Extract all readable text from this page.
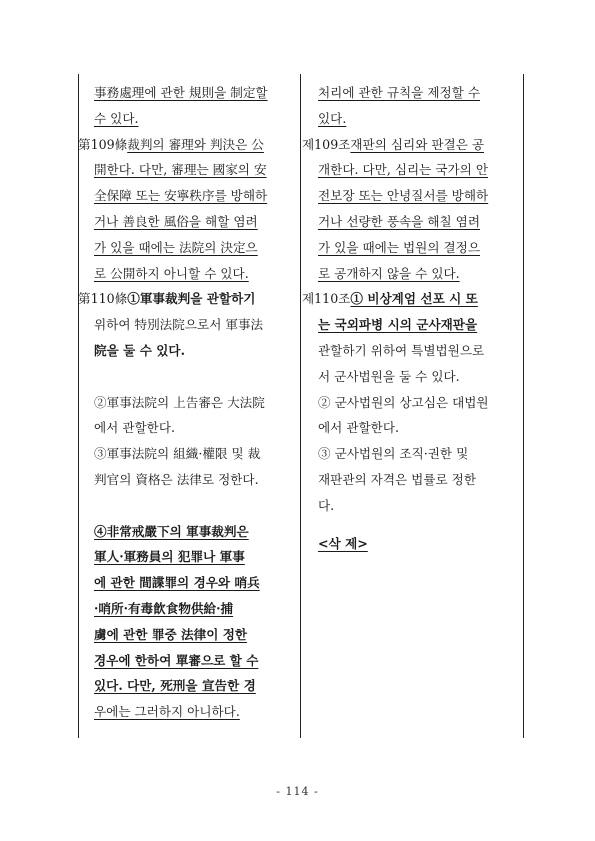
事務處理에 관한 規則을 制定할
수 있다.
第109條 裁判의 審理와 判決은 公
開한다. 다만, 審理는 國家의 安
全保障 또는 安寧秩序를 방해하
거나 善良한 風俗을 해할 염려
가 있을 때에는 法院의 決定으
로 公開하지 아니할 수 있다.
第110條 ①軍事裁判을 관할하기
위하여 特別法院으로서 軍事法
院을 둘 수 있다.
②軍事法院의 上告審은 大法院
에서 관할한다.
③軍事法院의 組織·權限 및 裁
判官의 資格은 法律로 정한다.
④非常戒嚴下의 軍事裁判은
軍人·軍務員의 犯罪나 軍事
에 관한 間諜罪의 경우와 哨兵
·哨所·有毒飮食物供給·捕
虜에 관한 罪중 法律이 정한
경우에 한하여 單審으로 할 수
있다. 다만, 死刑을 宣告한 경
우에는 그러하지 아니하다.
처리에 관한 규칙을 제정할 수
있다.
제109조 재판의 심리와 판결은 공
개한다. 다만, 심리는 국가의 안
전보장 또는 안녕질서를 방해하
거나 선량한 풍속을 해칠 염려
가 있을 때에는 법원의 결정으
로 공개하지 않을 수 있다.
제110조 ① 비상계엄 선포 시 또
는 국외파병 시의 군사재판을
관할하기 위하여 특별법원으로
서 군사법원을 둘 수 있다.
② 군사법원의 상고심은 대법원
에서 관할한다.
③ 군사법원의 조직·권한 및
재판관의 자격은 법률로 정한
다.
<삭 제>
- 114 -
